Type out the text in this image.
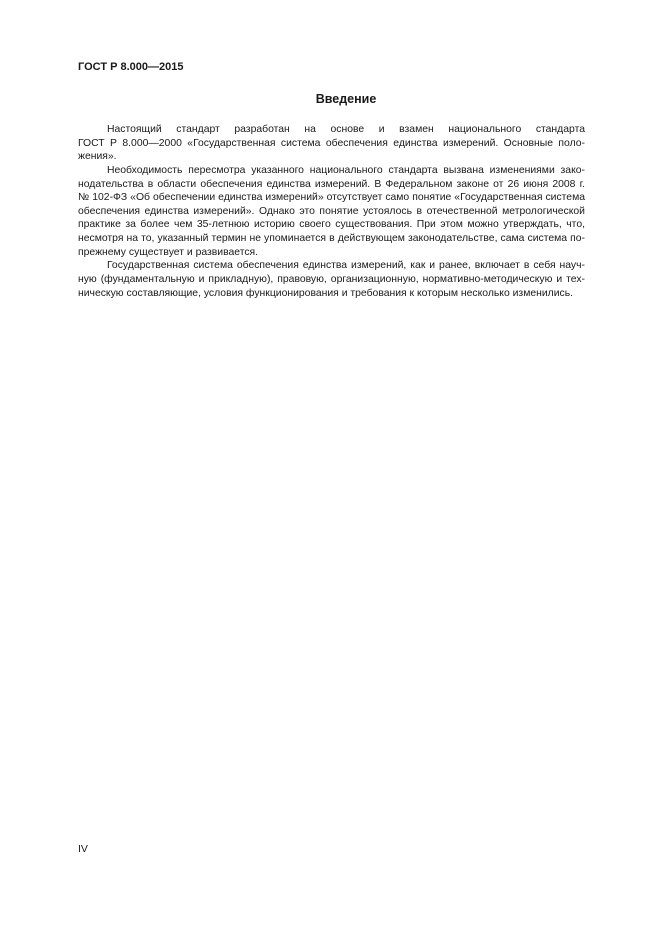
ГОСТ Р 8.000—2015
Введение
Настоящий стандарт разработан на основе и взамен национального стандарта
ГОСТ Р 8.000—2000 «Государственная система обеспечения единства измерений. Основные поло-
жения».
Необходимость пересмотра указанного национального стандарта вызвана изменениями зако-
нодательства в области обеспечения единства измерений. В Федеральном законе от 26 июня 2008 г.
№ 102-ФЗ «Об обеспечении единства измерений» отсутствует само понятие «Государственная система
обеспечения единства измерений». Однако это понятие устоялось в отечественной метрологической
практике за более чем 35-летнюю историю своего существования. При этом можно утверждать, что,
несмотря на то, указанный термин не упоминается в действующем законодательстве, сама система по-
прежнему существует и развивается.
Государственная система обеспечения единства измерений, как и ранее, включает в себя науч-
ную (фундаментальную и прикладную), правовую, организационную, нормативно-методическую и тех-
ническую составляющие, условия функционирования и требования к которым несколько изменились.
IV
